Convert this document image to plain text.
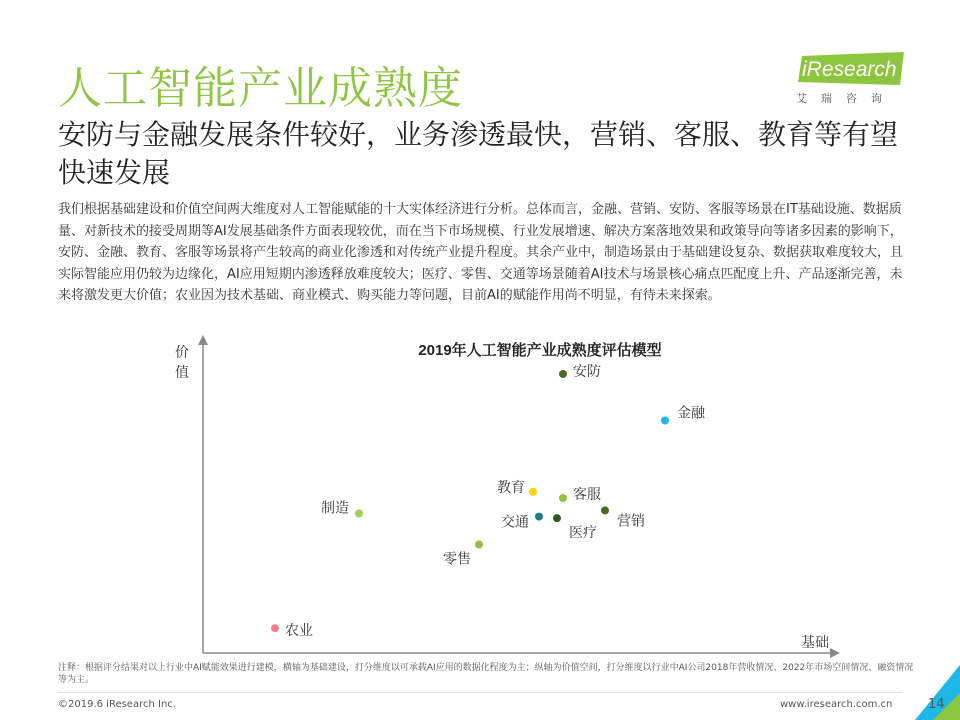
人工智能产业成熟度	iResearch
艾瑞咨询
安防与金融发展条件较好，业务渗透最快，营销、客服、教育等有望快速发展
我们根据基础建设和价值空间两大维度对人工智能赋能的十大实体经济进行分析。总体而言，金融、营销、安防、客服等场景在IT基础设施、数据质量、对新技术的接受周期等AI发展基础条件方面表现较优，而在当下市场规模、行业发展增速、解决方案落地效果和政策导向等诸多因素的影响下，安防、金融、教育、客服等场景将产生较高的商业化渗透和对传统产业提升程度。其余产业中，制造场景由于基础建设复杂、数据获取难度较大，且实际智能应用仍较为边缘化，AI应用短期内渗透释放难度较大；医疗、零售、交通等场景随着AI技术与场景核心痛点匹配度上升、产品逐渐完善，未来将激发更大价值；农业因为技术基础、商业模式、购买能力等问题，目前AI的赋能作用尚不明显，有待未来探索。
2019年人工智能产业成熟度评估模型
价值
基础
安防
金融
教育	客服
营销
交通
医疗
制造
零售
农业
注释：根据评分结果对以上行业中AI赋能效果进行建模，横轴为基础建设，打分维度以可承载AI应用的数据化程度为主；纵轴为价值空间，打分维度以行业中AI公司2018年营收情况、2022年市场空间情况、融资情况等为主。
©2019.6 iResearch Inc.	www.iresearch.com.cn	14
